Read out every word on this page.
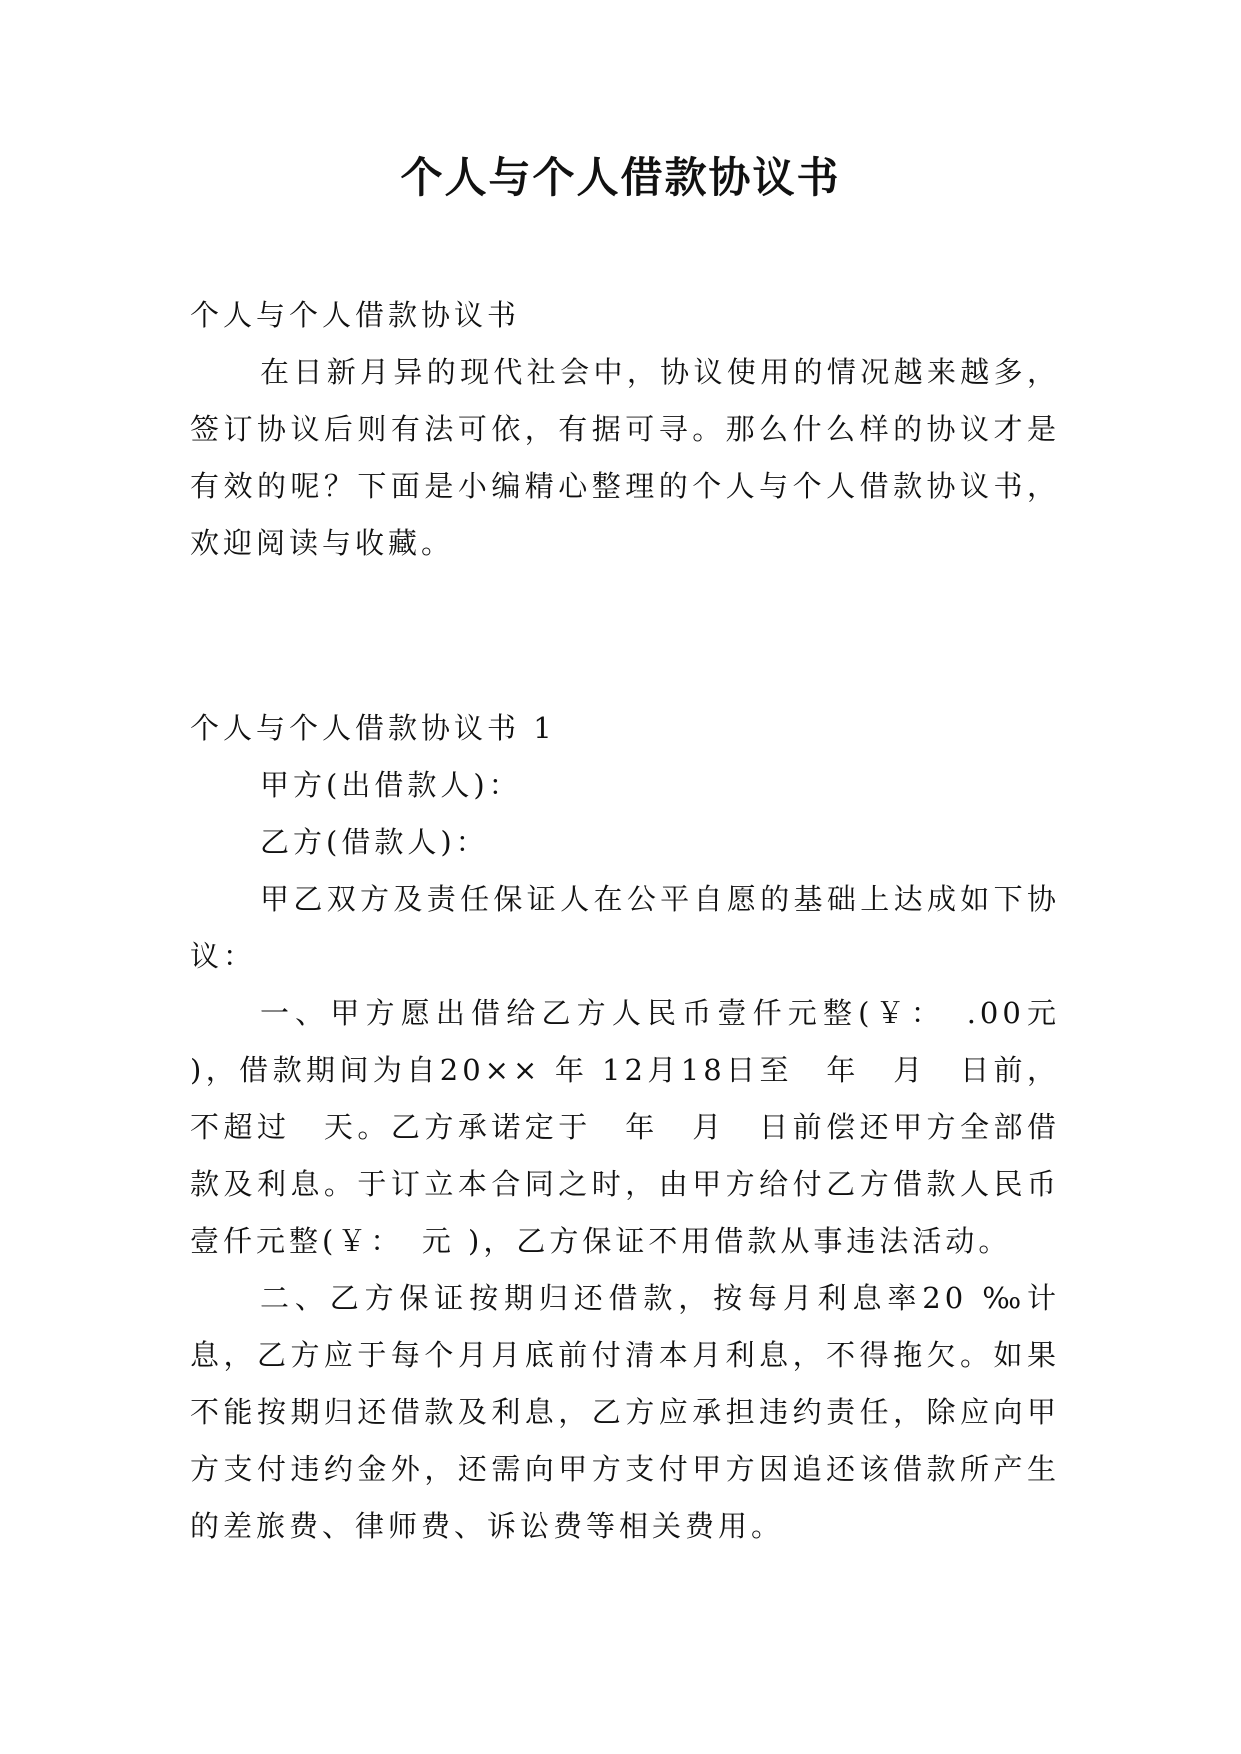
个人与个人借款协议书

个人与个人借款协议书

在日新月异的现代社会中，协议使用的情况越来越多，签订协议后则有法可依，有据可寻。那么什么样的协议才是有效的呢？下面是小编精心整理的个人与个人借款协议书，欢迎阅读与收藏。

个人与个人借款协议书 1

甲方(出借款人)：

乙方(借款人)：

甲乙双方及责任保证人在公平自愿的基础上达成如下协议：

一、甲方愿出借给乙方人民币壹仟元整(￥：　.00元 )，借款期间为自20×× 年 12月18日至　年　月　日前，不超过　天。乙方承诺定于　年　月　日前偿还甲方全部借款及利息。于订立本合同之时，由甲方给付乙方借款人民币壹仟元整(￥：　元 )，乙方保证不用借款从事违法活动。

二、乙方保证按期归还借款，按每月利息率20 ‰计息，乙方应于每个月月底前付清本月利息，不得拖欠。如果不能按期归还借款及利息，乙方应承担违约责任，除应向甲方支付违约金外，还需向甲方支付甲方因追还该借款所产生的差旅费、律师费、诉讼费等相关费用。
